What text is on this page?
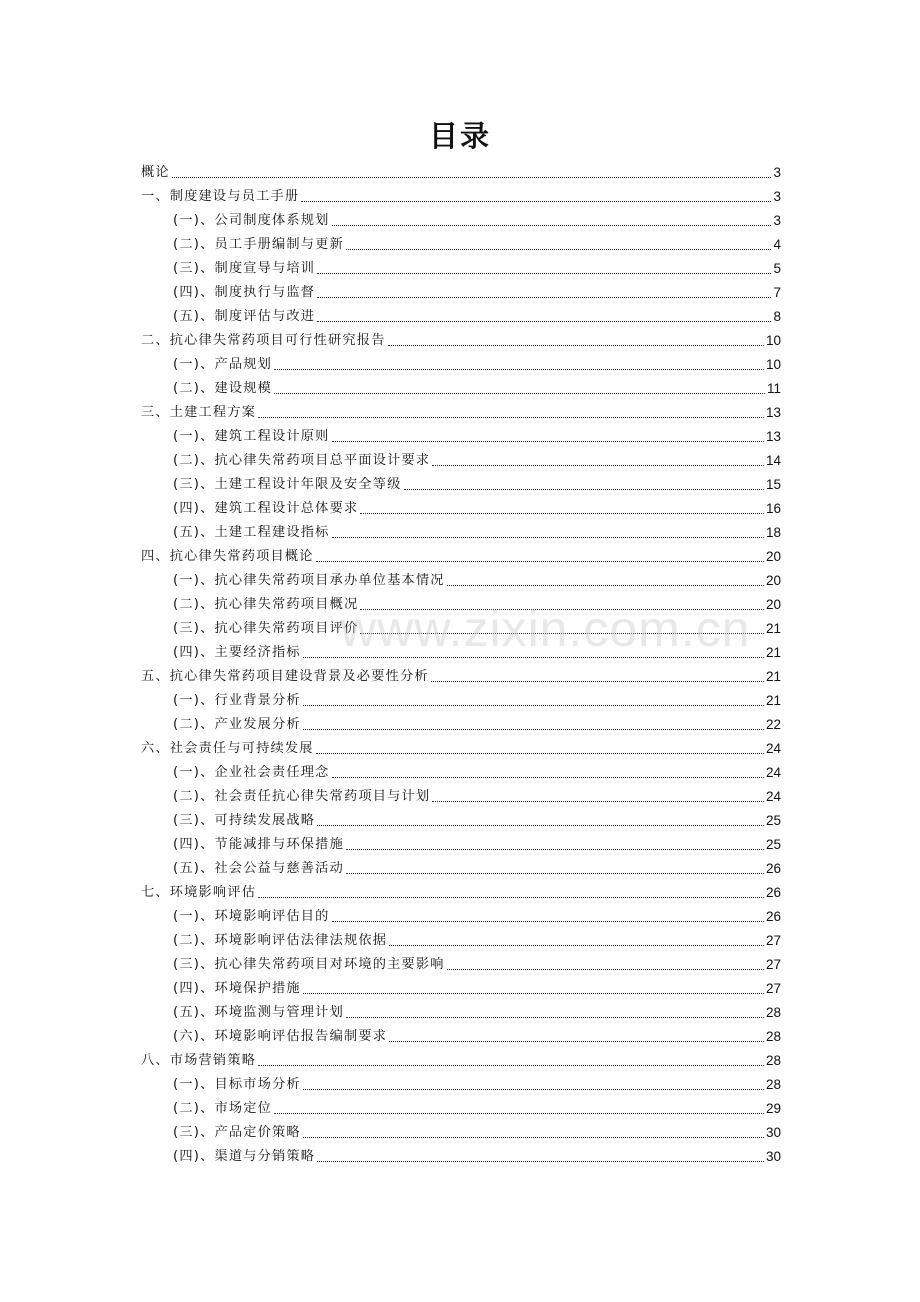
目录
概论	3
一、制度建设与员工手册	3
(一)、公司制度体系规划	3
(二)、员工手册编制与更新	4
(三)、制度宣导与培训	5
(四)、制度执行与监督	7
(五)、制度评估与改进	8
二、抗心律失常药项目可行性研究报告	10
(一)、产品规划	10
(二)、建设规模	11
三、土建工程方案	13
(一)、建筑工程设计原则	13
(二)、抗心律失常药项目总平面设计要求	14
(三)、土建工程设计年限及安全等级	15
(四)、建筑工程设计总体要求	16
(五)、土建工程建设指标	18
四、抗心律失常药项目概论	20
(一)、抗心律失常药项目承办单位基本情况	20
(二)、抗心律失常药项目概况	20
(三)、抗心律失常药项目评价	21
(四)、主要经济指标	21
五、抗心律失常药项目建设背景及必要性分析	21
(一)、行业背景分析	21
(二)、产业发展分析	22
六、社会责任与可持续发展	24
(一)、企业社会责任理念	24
(二)、社会责任抗心律失常药项目与计划	24
(三)、可持续发展战略	25
(四)、节能减排与环保措施	25
(五)、社会公益与慈善活动	26
七、环境影响评估	26
(一)、环境影响评估目的	26
(二)、环境影响评估法律法规依据	27
(三)、抗心律失常药项目对环境的主要影响	27
(四)、环境保护措施	27
(五)、环境监测与管理计划	28
(六)、环境影响评估报告编制要求	28
八、市场营销策略	28
(一)、目标市场分析	28
(二)、市场定位	29
(三)、产品定价策略	30
(四)、渠道与分销策略	30
www.zixin.com.cn
